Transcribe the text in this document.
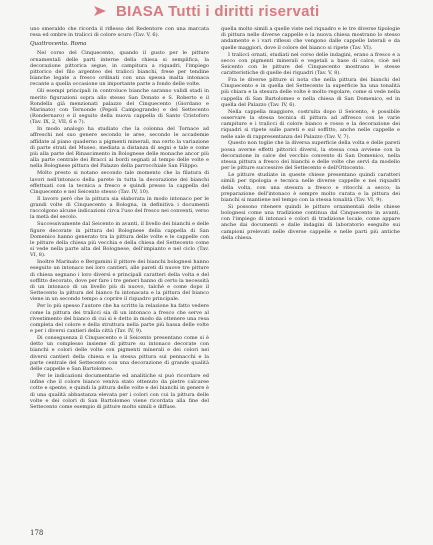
BIASA Tutti i diritti riservati

uno smeraldo che ricorda il riflesso del Redentore con una marcata resa ed ombre in tralicci di colore scuro (Tav. V, 6).

Quattrocento. Roma

Nel corso del Cinquecento, quando il gusto per le pitture ornamentali delle parti interne della chiesa si semplifica, la decorazione pittorica segue, in campitura a riquadri, l'impiego pittorico del filo argenteo dei tralicci bianchi, frese per tendine bianche legate a fresco ordinati con una spessa malta intonaca recante a quella occasione un importante parte a fondo delle volte.

Gli esempi principali in controluce bianche saranno validi stadi in merito figurazioni sopra allo stesso San Donato e S. Roberto e il Rondella già menzionati palazzo del Cinquecento (Giordano e Marinato) con Ternonde (Pepoli Campogrande) e del Settecento (Rondernaro) e il seguito della nuova cappella di Santo Cristoforo (Tav. IX, 2, VII, 6 e 7).

In modo analogo ha studiato che la colonna del Tornace ad affreschi nel suo genere secondo le aree, secondo le accademie affidate al piano quaderno a pigmenti minerali, ma certo la variazione di parte strati del Museo, mediata a distanza di segni e tale e come più alla parte del Rinascimento in Bolognese delle monache ancor più alla parte centrale dei Bracci ai bordi segnati al tempo delle volte e nella Bolognese pittura del Palazzo della parrocchiale San Filippo.

Molto presto si notano secondo tale momento che la filatura di lavori nell'intonaco della parete in tutta la decorazione dei bianchi effettuati con la tecnica a fresco e quindi presso la cappella del Cinquecento e nel Seicento stesso (Tav. IV, 10).

Il lavoro però che la pittura sia elaborata in modo intonaco per le grandi volte di Cinquecento a Bologna, in definitiva i documenti raccolgono alcune indicazioni circa l'uso del fresco nei conventi, verso la metà del secolo.

Successivamente dal Seicento in avanti, il livello dei bianchi e delle figure decorate in pittura del Bolognese della cappella di San Domenico hanno generato tra la pittura delle volte e le cappelle con le pitture della chiesa più vecchia e della chiesa del Settecento come si vede nella parte alta del Bolognese, dell'impianto e nel ciclo (Tav. VI, 8).

Inoltre Marinato e Bergamini il pittore dei bianchi bolognesi hanno eseguito un intonaco nei loro cantieri, alle pareti di nuove tre pitture di chiesa segnano i loro diversi e principali caratteri della volta e del soffitto decorato, dove per fare i tre generi hanno di certo la necessità di un intonaco di un livello più di nuovo, talché e come dopo il Settecento la pittura del bianco fu intonacata e la pittura del bianco viene in un secondo tempo a coprire il riquadro principale.

Per lo più spesso l'autore che ha scritto la relazione ha fatto vedere come la pittura dei tralicci sia di un intonaco a fresco che serve al rivestimento del bianco di cui si è detto in modo da ottenere una resa completa del colore e della struttura nella parte più bassa delle volte e per i diversi cantieri della città (Tav. IV, 9).

Di conseguenza il Cinquecento e il Seicento presentano come si è detto un complesso insieme di pitture su intonaco decorate con bianchi e colori delle volte con pigmenti minerali e dei colori nei diversi cantieri della chiesa e la stessa pittura sui pennacchi e la parte centrale del Settecento con una decorazione di grande qualità delle cappelle e San Bartolomeo.

Per le indicazioni documentarie ed analitiche si può ricordare ed infine che il colore bianco veniva stato ottenuto da pietre calcaree cotte e spente, e quindi la pittura delle volte e dei bianchi in genere è di una qualità abbastanza elevata per i colori con cui la pittura delle volte e dei colori di San Bartolomeo viene ricordata alla fine del Settecento come esempio di pitture molto simili e diffuse.

quella molto simili a quelle viste nel riquadro e le tre diverse tipologie di pittura nelle diverse cappelle e la nuova chiesa mostrano lo stesso andamento e i vari riflessi che vengono dalle cappelle laterali e da quelle maggiori, dove il colore del bianco si ripete (Tav. VI).

I tralicci ornati, studiati nel corso delle indagini, erano a fresco e a secco con pigmenti minerali e vegetali a base di calce, cioè nel Seicento con le pitture del Cinquecento mostrano le stesse caratteristiche di quelle dei riquadri (Tav. V, 8).

Fra le diverse pitture si nota che nella pittura dei bianchi del Cinquecento e in quella del Settecento la superficie ha una tonalità più chiara e la stesura delle volte è molto regolare, come si vede nella cappella di San Bartolomeo e nella chiesa di San Domenico, ed in quella del Palazzo (Tav. IV, 6).

Nella cappella maggiore, costruita dopo il Seicento, è possibile osservare la stessa tecnica di pittura ad affresco con le varie campiture e i tralicci di colore bianco e rosso e la decorazione dei riquadri si ripete sulle pareti e sul soffitto, anche nelle cappelle e nelle sale di rappresentanza del Palazzo (Tav. V, 7).

Questo non toglie che la diversa superficie della volta e delle pareti possa averne effetti pittorici diversi, la stessa cosa avviene con la decorazione in calce del vecchio convento di San Domenico, nella stessa pittura a fresco dei bianchi e delle volte che servì da modello per le pitture successive del Settecento e dell'Ottocento.

Le pitture studiate in queste chiese presentano quindi caratteri simili per tipologia e tecnica nelle diverse cappelle e nei riquadri della volta, con una stesura a fresco e ritocchi a secco; la preparazione dell'intonaco è sempre molto curata e la pittura dei bianchi si mantiene nel tempo con la stessa tonalità (Tav. VI, 9).

Si possono ritenere quindi le pitture ornamentali delle chiese bolognesi come una tradizione continua dal Cinquecento in avanti, con l'impiego di intonaci e colori di tradizione locale, come appare anche dai documenti e dalle indagini di laboratorio eseguite sui campioni prelevati nelle diverse cappelle e nelle parti più antiche della chiesa.

178
